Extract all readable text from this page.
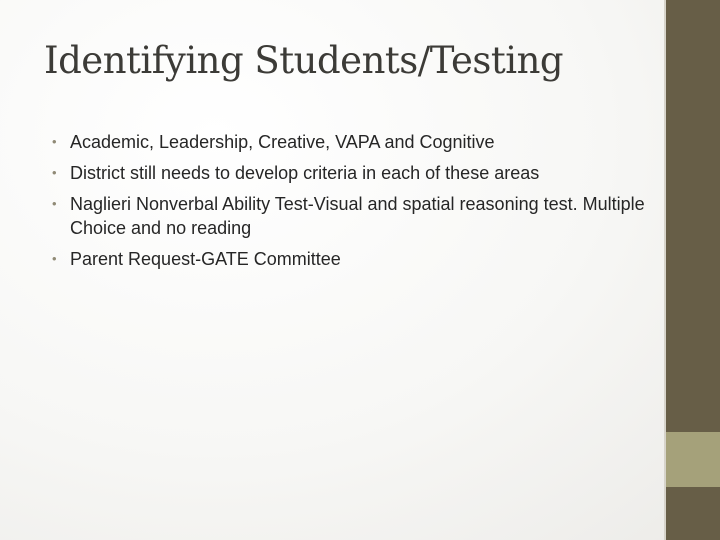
Identifying Students/Testing
• Academic, Leadership, Creative, VAPA and Cognitive
• District still needs to develop criteria in each of these areas
• Naglieri Nonverbal Ability Test-Visual and spatial reasoning test. Multiple Choice and no reading
• Parent Request-GATE Committee
